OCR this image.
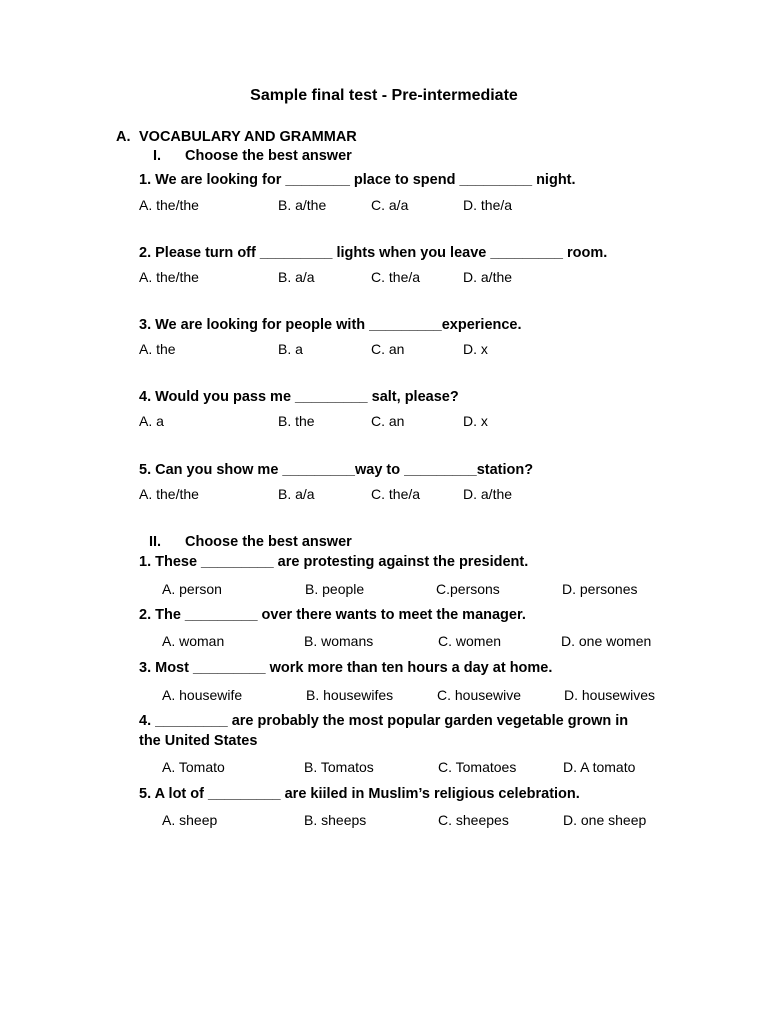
Sample final test - Pre-intermediate
A. VOCABULARY AND GRAMMAR
I. Choose the best answer
1. We are looking for ________ place to spend _________ night.
A. the/the	B. a/the	C. a/a	D. the/a
2. Please turn off _________ lights when you leave _________ room.
A. the/the	B. a/a	C. the/a	D. a/the
3. We are looking for people with _________experience.
A. the	B. a	C. an	D. x
4. Would you pass me _________ salt, please?
A. a	B. the	C. an	D. x
5. Can you show me _________way to _________station?
A. the/the	B. a/a	C. the/a	D. a/the
II. Choose the best answer
1. These _________ are protesting against the president.
A. person	B. people	C.persons	D. persones
2. The _________ over there wants to meet the manager.
A. woman	B. womans	C. women	D. one women
3. Most _________ work more than ten hours a day at home.
A. housewife	B. housewifes	C. housewive	D. housewives
4. _________ are probably the most popular garden vegetable grown in
the United States
A. Tomato	B. Tomatos	C. Tomatoes	D. A tomato
5. A lot of _________ are kiiled in Muslim’s religious celebration.
A. sheep	B. sheeps	C. sheepes	D. one sheep
